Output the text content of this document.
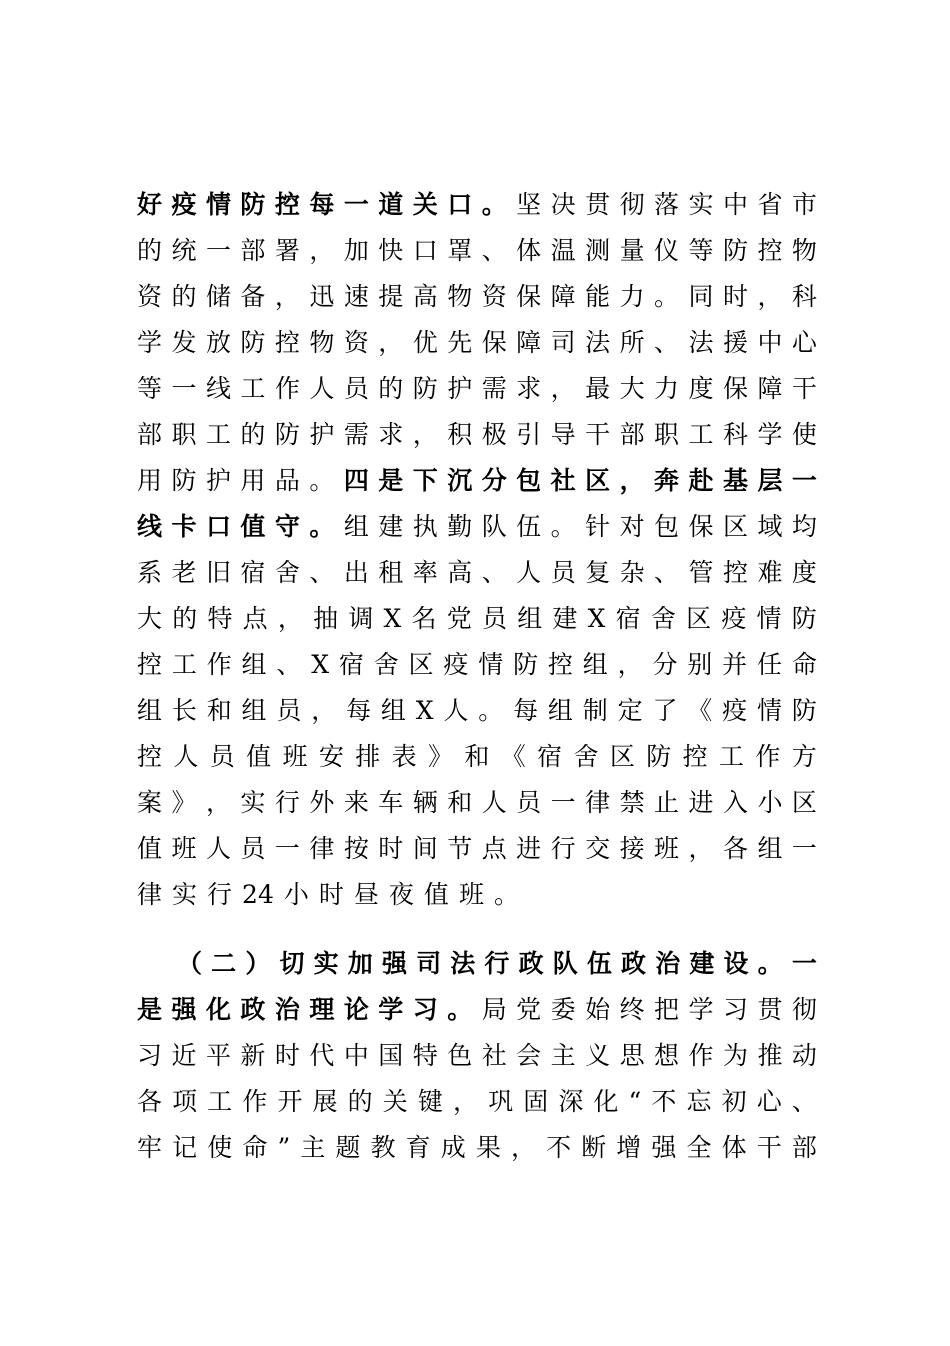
好 疫 情 防 控 每 一 道 关 口 。 坚 决 贯 彻 落 实 中 省 市
的 统 一 部 署 ， 加 快 口 罩 、 体 温 测 量 仪 等 防 控 物
资 的 储 备 ， 迅 速 提 高 物 资 保 障 能 力 。 同 时 ， 科
学 发 放 防 控 物 资 ， 优 先 保 障 司 法 所 、 法 援 中 心
等 一 线 工 作 人 员 的 防 护 需 求 ， 最 大 力 度 保 障 干
部 职 工 的 防 护 需 求 ， 积 极 引 导 干 部 职 工 科 学 使
用 防 护 用 品 。 四 是 下 沉 分 包 社 区 ， 奔 赴 基 层 一
线 卡 口 值 守 。 组 建 执 勤 队 伍 。 针 对 包 保 区 域 均
系 老 旧 宿 舍 、 出 租 率 高 、 人 员 复 杂 、 管 控 难 度
大 的 特 点 ， 抽 调 X 名 党 员 组 建 X 宿 舍 区 疫 情 防
控 工 作 组 、 X 宿 舍 区 疫 情 防 控 组 ， 分 别 并 任 命
组 长 和 组 员 ， 每 组 X 人 。 每 组 制 定 了 《 疫 情 防
控 人 员 值 班 安 排 表 》 和 《 宿 舍 区 防 控 工 作 方
案 》 ， 实 行 外 来 车 辆 和 人 员 一 律 禁 止 进 入 小 区
值 班 人 员 一 律 按 时 间 节 点 进 行 交 接 班 ， 各 组 一
律 实 行 24 小 时 昼 夜 值 班 。
（ 二 ） 切 实 加 强 司 法 行 政 队 伍 政 治 建 设 。 一
是 强 化 政 治 理 论 学 习 。 局 党 委 始 终 把 学 习 贯 彻
习 近 平 新 时 代 中 国 特 色 社 会 主 义 思 想 作 为 推 动
各 项 工 作 开 展 的 关 键 ， 巩 固 深 化 “ 不 忘 初 心 、
牢 记 使 命 ” 主 题 教 育 成 果 ， 不 断 增 强 全 体 干 部
